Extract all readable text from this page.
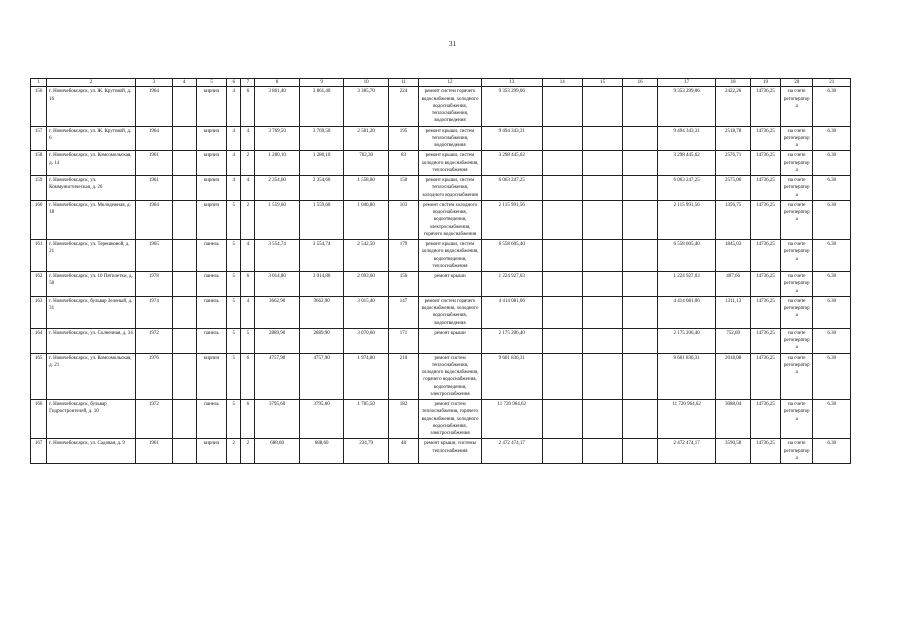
31
1	2	3	4	5	6	7	8	9	10	11	12	13	14	15	16	17	18	19	20	21
156	г. Новочебоксарск, ул. Ж. Крутовой, д. 16	1964		кирпич	4	6	3 861,40	3 861,40	3 385,70	224	ремонт систем горячего водоснабжения, холодного водоснабжения, теплоснабжения, водоотведения	9 353 299,06				9 353 299,06	2422,26	14736,25	на счете регоператора	6.30
157	г. Новочебоксарск, ул. Ж. Крутовой, д. 6	1964		кирпич	4	4	3 769,50	3 769,50	2 581,20	195	ремонт крыши, систем теплоснабжения, водоотведения	9 494 343,31				9 494 343,31	2518,78	14736,25	на счете регоператора	6.30
158	г. Новочебоксарск, ул. Комсомольская, д. 14	1961		кирпич	4	2	1 280,10	1 280,10	762,30	83	ремонт крыши, систем холодного водоснабжения, теплоснабжения	3 298 445,62				3 298 445,62	2576,71	14736,25	на счете регоператора	6.30
159	г. Новочебоксарск, ул. Коммунистическая, д. 26	1961		кирпич	4	4	2 354,60	2 354,60	1 558,80	150	ремонт крыши, систем теплоснабжения, холодного водоснабжения	6 063 247,25				6 063 247,25	2575,06	14736,25	на счете регоператора	6.30
160	г. Новочебоксарск, ул. Молодежная, д. 18	1964		кирпич	5	2	1 559,60	1 559,60	1 046,80	103	ремонт систем холодного водоснабжения, водоотведения, электроснабжения, горячего водоснабжения	2 115 991,56				2 115 991,56	1356,75	14736,25	на счете регоператора	6.30
161	г. Новочебоксарск, ул. Терешковой, д. 21	1965		панель	5	4	3 554,74	3 554,74	2 542,50	179	ремонт крыши, систем холодного водоснабжения, водоотведения, теплоснабжения	6 558 605,40				6 558 605,40	1845,03	14736,25	на счете регоператора	6.30
162	г. Новочебоксарск, ул. 10 Пятилетки, д. 58	1978		панель	5	6	3 014,80	3 014,80	2 093,60	156	ремонт крыши	1 224 927,03				1 224 927,03	407,66	14736,25	на счете регоператора	6.30
163	г. Новочебоксарск, бульвар Зеленый, д. 31	1974		панель	5	4	3662,90	3662,90	3 015,40	147	ремонт систем горячего водоснабжения, холодного водоснабжения, водоотведения	4 414 081,06				4 414 081,06	1311,13	14736,25	на счете регоператора	6.30
164	г. Новочебоксарск, ул. Солнечная, д. 34	1972		панель	5	5	2889,90	2889,90	3 070,60	171	ремонт крыши	2 175 206,40				2 175 206,40	752,69	14736,25	на счете регоператора	6.30
165	г. Новочебоксарск, ул. Комсомольская, д. 21	1976		кирпич	5	6	4757,90	4757,90	1 974,80	210	ремонт систем теплоснабжения, холодного водоснабжения, горячего водоснабжения, водоотведения, электроснабжения	9 601 836,31				9 601 836,31	2018,08	14736,25	на счете регоператора	6.30
166	г. Новочебоксарск, бульвар Гидростроителей, д. 10	1972		панель	5	6	3795,60	3795,60	1 785,50	182	ремонт систем теплоснабжения, горячего водоснабжения, холодного водоснабжения, электроснабжения	11 720 964,62				11 720 964,62	3088,04	14736,25	на счете регоператора	6.30
167	г. Новочебоксарск, ул. Садовая, д. 9	1961		кирпич	2	2	688,60	688,60	234,79	48	ремонт крыши, системы теплоснабжения	2 472 474,17				2 472 474,17	3590,58	14736,25	на счете регоператора	6.30
